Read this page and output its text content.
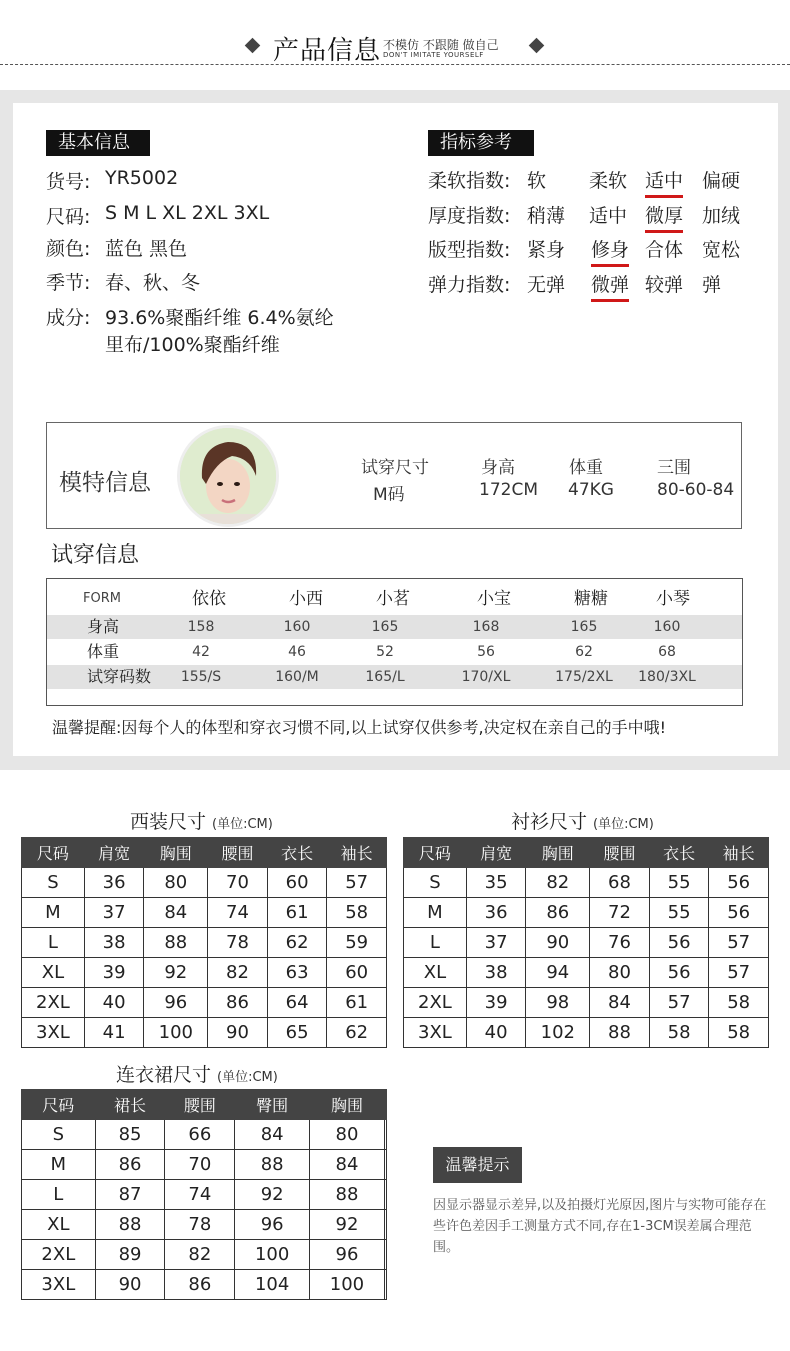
产品信息 不模仿 不跟随 做自己
DON'T IMITATE YOURSELF
基本信息
货号: YR5002
尺码: S M L XL 2XL 3XL
颜色: 蓝色 黑色
季节: 春、秋、冬
成分: 93.6%聚酯纤维 6.4%氨纶
里布/100%聚酯纤维
指标参考
柔软指数: 软 柔软 适中 偏硬
厚度指数: 稍薄 适中 微厚 加绒
版型指数: 紧身 修身 合体 宽松
弹力指数: 无弹 微弹 较弹 弹
模特信息
试穿尺寸
M码
身高
172CM
体重
47KG
三围
80-60-84
试穿信息
FORM	依依	小西	小茗	小宝	糖糖	小琴
身高	158	160	165	168	165	160
体重	42	46	52	56	62	68
试穿码数	155/S	160/M	165/L	170/XL	175/2XL	180/3XL
温馨提醒:因每个人的体型和穿衣习惯不同,以上试穿仅供参考,决定权在亲自己的手中哦!
西装尺寸 (单位:CM)
尺码	肩宽	胸围	腰围	衣长	袖长
S	36	80	70	60	57
M	37	84	74	61	58
L	38	88	78	62	59
XL	39	92	82	63	60
2XL	40	96	86	64	61
3XL	41	100	90	65	62
衬衫尺寸 (单位:CM)
尺码	肩宽	胸围	腰围	衣长	袖长
S	35	82	68	55	56
M	36	86	72	55	56
L	37	90	76	56	57
XL	38	94	80	56	57
2XL	39	98	84	57	58
3XL	40	102	88	58	58
连衣裙尺寸 (单位:CM)
尺码	裙长	腰围	臀围	胸围	
S	85	66	84	80	
M	86	70	88	84	
L	87	74	92	88	
XL	88	78	96	92	
2XL	89	82	100	96	
3XL	90	86	104	100	
温馨提示
因显示器显示差异,以及拍摄灯光原因,图片与实物可能存在些许色差因手工测量方式不同,存在1-3CM误差属合理范围。
